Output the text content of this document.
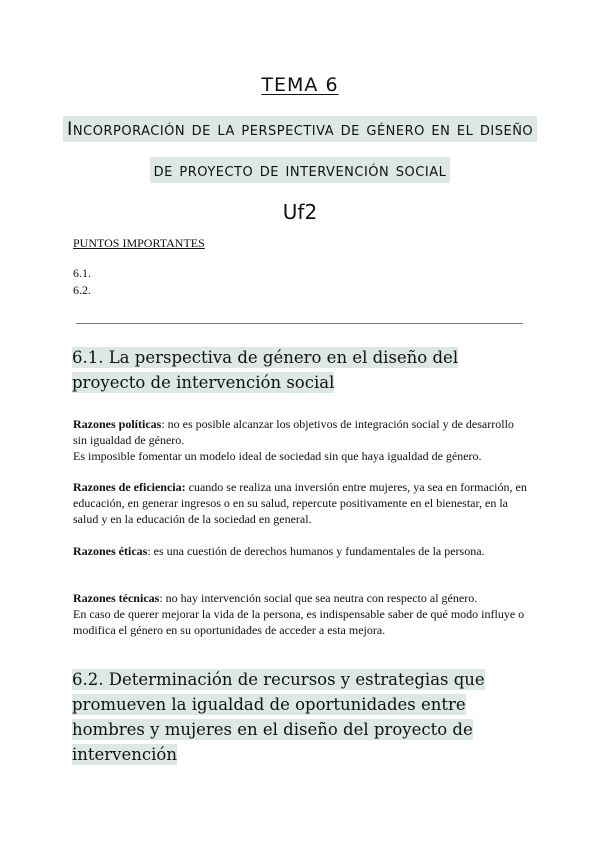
TEMA 6
Incorporación de la perspectiva de género en el diseño
de proyecto de intervención social
Uf2
PUNTOS IMPORTANTES
6.1.
6.2.
6.1. La perspectiva de género en el diseño del proyecto de intervención social
Razones políticas: no es posible alcanzar los objetivos de integración social y de desarrollo sin igualdad de género.
Es imposible fomentar un modelo ideal de sociedad sin que haya igualdad de género.
Razones de eficiencia: cuando se realiza una inversión entre mujeres, ya sea en formación, en educación, en generar ingresos o en su salud, repercute positivamente en el bienestar, en la salud y en la educación de la sociedad en general.
Razones éticas: es una cuestión de derechos humanos y fundamentales de la persona.
Razones técnicas: no hay intervención social que sea neutra con respecto al género.
En caso de querer mejorar la vida de la persona, es indispensable saber de qué modo influye o modifica el género en su oportunidades de acceder a esta mejora.
6.2. Determinación de recursos y estrategias que promueven la igualdad de oportunidades entre hombres y mujeres en el diseño del proyecto de intervención
